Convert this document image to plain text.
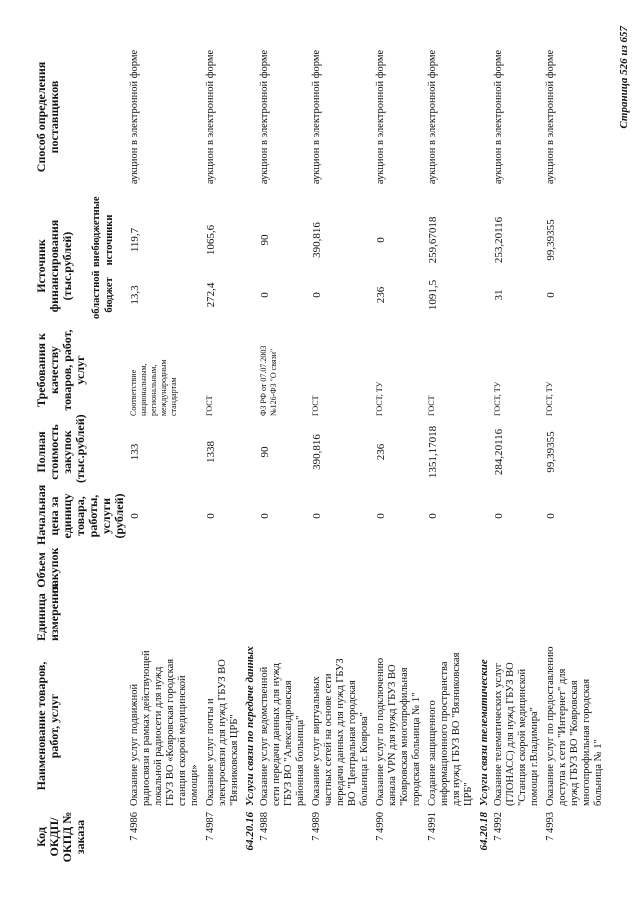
Код ОКДП/ ОКПД № заказа	Наименование товаров, работ, услуг	Единица измерения	Объем закупок	Начальная цена за единицу товара, работы, услуги (рублей)	Полная стоимость закупок (тыс.рублей)	Требования к качеству товаров, работ, услуг	Источник финансирования (тыс.рублей)		Способ определения поставщиков
							областной бюджет	внебюджетные источники	
7 4986	Оказание услуг подвижной радиосвязи в рамках действующей локальной радиосети для нужд ГБУЗ ВО «Ковровская городская станция скорой медицинской помощи»			0	133	Соответствие национальным, региональным, международным стандартам	13,3	119,7	аукцион в электронной форме
7 4987	Оказание услуг почты и электросвязи для нужд ГБУЗ ВО "Вязниковская ЦРБ"			0	1338	ГОСТ	272,4	1065,6	аукцион в электронной форме
64.20.16	Услуги связи по передаче данных								
7 4988	Оказание услуг ведомственной сети передачи данных для нужд ГБУЗ ВО "Александровская районная больница"			0	90	ФЗ РФ от 07.07.2003 №126-ФЗ "О связи"	0	90	аукцион в электронной форме
7 4989	Оказание услуг виртуальных частных сетей на основе сети передачи данных для нужд ГБУЗ ВО "Центральная городская больница г. Коврова"			0	390,816	ГОСТ	0	390,816	аукцион в электронной форме
7 4990	Оказание услуг по подключению канала VPN для нужд ГБУЗ ВО "Ковровская многопрофильная городская больница № 1"			0	236	ГОСТ, ТУ	236	0	аукцион в электронной форме
7 4991	Создание защищенного информационного пространства для нужд ГБУЗ ВО "Вязниковская ЦРБ"			0	1351,17018	ГОСТ	1091,5	259,67018	аукцион в электронной форме
64.20.18	Услуги связи телематические								
7 4992	Оказание телематических услуг (ГЛОНАСС) для нужд ГБУЗ ВО "Станция скорой медицинской помощи г.Владимира"			0	284,20116	ГОСТ, ТУ	31	253,20116	аукцион в электронной форме
7 4993	Оказание услуг по предоставлению доступа к сети "Интернет" для нужд ГБУЗ ВО "Ковровская многопрофильная городская больница № 1"			0	99,39355	ГОСТ, ТУ	0	99,39355	аукцион в электронной форме	Страница 526 из 657
